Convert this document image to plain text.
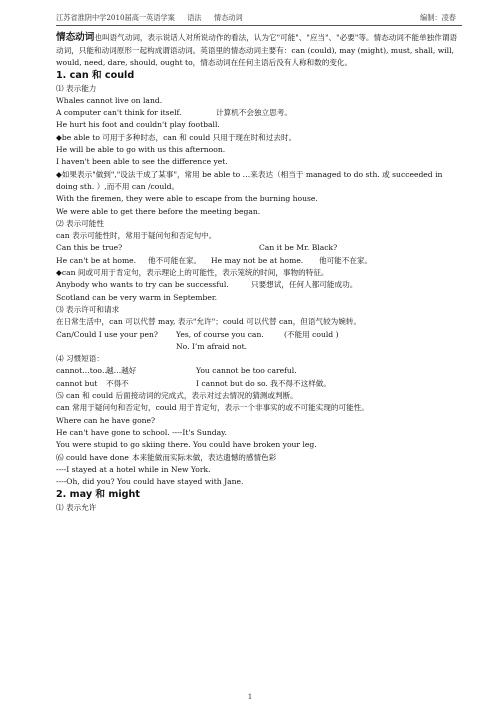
江苏省淮阴中学2010届高一英语学案 语法 情态动词	编制：凌春

情态动词也叫语气动词，表示说话人对所说动作的看法，认为它"可能"、"应当"、"必要"等。情态动词不能单独作谓语动词，只能和动词原形一起构成谓语动词。英语里的情态动词主要有：can (could), may (might), must, shall, will, would, need, dare, should, ought to，情态动词在任何主语后没有人称和数的变化。

1. can 和 could

⑴ 表示能力

Whales cannot live on land.

A computer can't think for itself.	计算机不会独立思考。

He hurt his foot and couldn't play football.

◆be able to 可用于多种时态，can 和 could 只用于现在时和过去时。

He will be able to go with us this afternoon.

I haven't been able to see the difference yet.

◆如果表示"做到","设法干成了某事"，常用 be able to …来表达（相当于 managed to do sth. 或 succeeded in doing sth. ）,而不用 can /could。

With the firemen, they were able to escape from the burning house.

We were able to get there before the meeting began.

⑵ 表示可能性

can 表示可能性时，常用于疑问句和否定句中。

Can this be true?	Can it be Mr. Black?

He can't be at home. 他不可能在家。 He may not be at home. 他可能不在家。

◆can 间或可用于肯定句，表示理论上的可能性，表示笼统的时间，事物的特征。

Anybody who wants to try can be successful.	只要想试，任何人都可能成功。

Scotland can be very warm in September.

⑶ 表示许可和请求

在日常生活中，can 可以代替 may, 表示"允许"；could 可以代替 can，但语气较为婉转。

Can/Could I use your pen? Yes, of course you can.	(不能用 could )

No. I’m afraid not.

⑷ 习惯短语：

cannot…too…越…越好	You cannot be too careful.

cannot but 不得不	I cannot but do so. 我不得不这样做。

⑸ can 和 could 后面接动词的完成式，表示对过去情况的猜测或判断。

can 常用于疑问句和否定句，could 用于肯定句，表示一个非事实的或不可能实现的可能性。

Where can he have gone?

He can't have gone to school. ----It's Sunday.

You were stupid to go skiing there. You could have broken your leg.

⑹ could have done 本来能做而实际未做，表达遗憾的感情色彩

----I stayed at a hotel while in New York.

----Oh, did you? You could have stayed with Jane.

2. may 和 might

⑴ 表示允许

1
